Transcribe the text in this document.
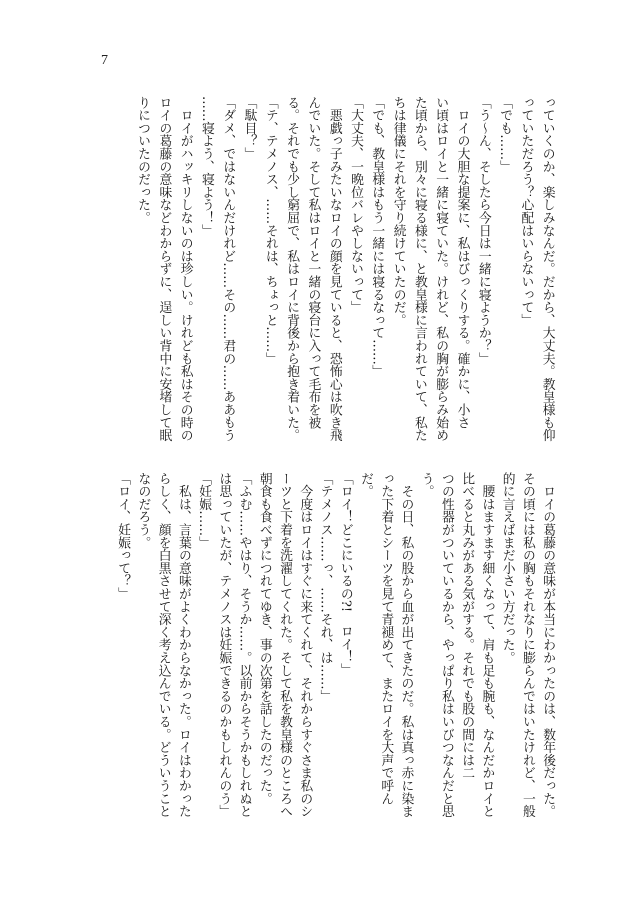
7
っていくのか、楽しみなんだ。だから、大丈夫。教皇様も仰
っていただろう？心配はいらないって」
「でも……」
「う～ん、そしたら今日は一緒に寝ようか？」
　ロイの大胆な提案に、私はびっくりする。確かに、小さ
い頃はロイと一緒に寝ていた。けれど、私の胸が膨らみ始め
た頃から、別々に寝る様に、と教皇様に言われていて、私た
ちは律儀にそれを守り続けていたのだ。
「でも、教皇様はもう一緒には寝るなって……」
「大丈夫、一晩位バレやしないって」
　悪戯っ子みたいなロイの顔を見ていると、恐怖心は吹き飛
んでいた。そして私はロイと一緒の寝台に入って毛布を被
る。それでも少し窮屈で、私はロイに背後から抱き着いた。
「テ、テメノス、……それは、ちょっと……」
「駄目？」
「ダメ、ではないんだけれど……その……君の……ああもう
……寝よう、寝よう！」
　ロイがハッキリしないのは珍しい。けれども私はその時の
ロイの葛藤の意味などわからずに、逞しい背中に安堵して眠
りについたのだった。
　ロイの葛藤の意味が本当にわかったのは、数年後だった。
その頃には私の胸もそれなりに膨らんではいたけれど、一般
的に言えばまだ小さい方だった。
　腰はますます細くなって、肩も足も腕も、なんだかロイと
比べると丸みがある気がする。それでも股の間には二
つの性器がついているから、やっぱり私はいびつなんだと思
う。
　その日、私の股から血が出てきたのだ。私は真っ赤に染ま
った下着とシーツを見て青褪めて、またロイを大声で呼ん
だ。
「ロイ！どこにいるの?!　ロイ！」
「テメノス……っ、……それ、は……」
　今度はロイはすぐに来てくれて、それからすぐさま私のシ
ーツと下着を洗濯してくれた。そして私を教皇様のところへ
朝食も食べずにつれてゆき、事の次第を話したのだった。
「ふむ……やはり、そうか……。以前からそうかもしれぬと
は思っていたが、テメノスは妊娠できるのかもしれんのう」
「妊娠……」
　私は、言葉の意味がよくわからなかった。ロイはわかった
らしく、顔を白黒させて深く考え込んでいる。どういうこと
なのだろう。
「ロイ、妊娠って？」
